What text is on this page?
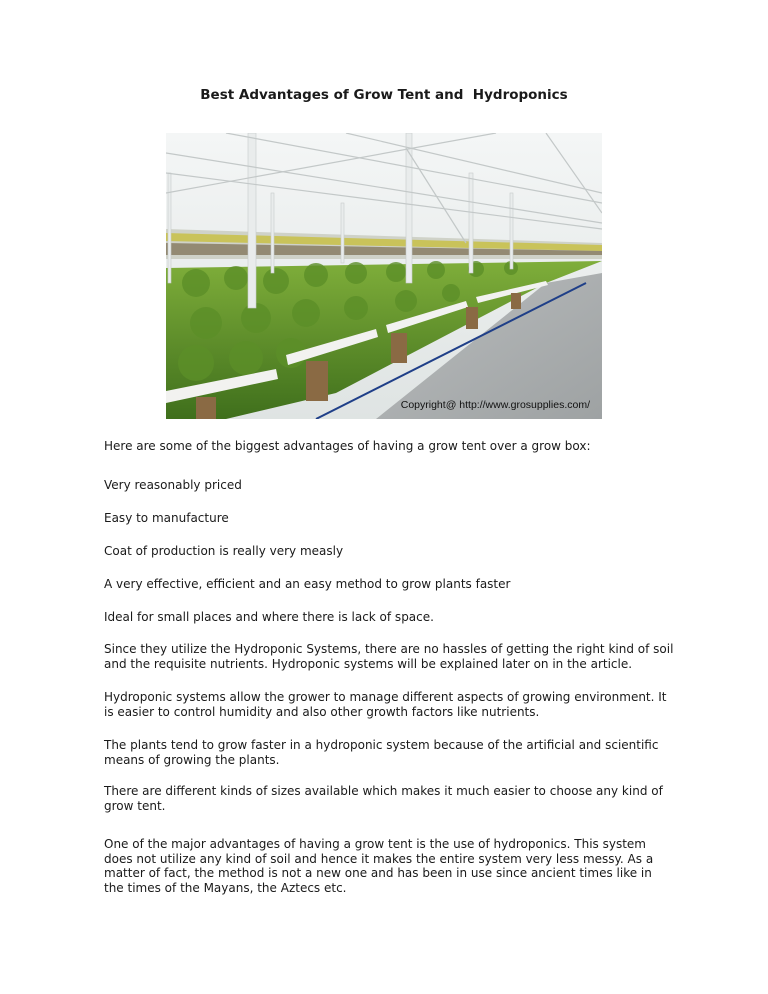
Best Advantages of Grow Tent and  Hydroponics
Copyright@ http://www.grosupplies.com/

Here are some of the biggest advantages of having a grow tent over a grow box:

Very reasonably priced

Easy to manufacture

Coat of production is really very measly

A very effective, efficient and an easy method to grow plants faster

Ideal for small places and where there is lack of space.

Since they utilize the Hydroponic Systems, there are no hassles of getting the right kind of soil and the requisite nutrients. Hydroponic systems will be explained later on in the article.

Hydroponic systems allow the grower to manage different aspects of growing environment. It is easier to control humidity and also other growth factors like nutrients.

The plants tend to grow faster in a hydroponic system because of the artificial and scientific means of growing the plants.

There are different kinds of sizes available which makes it much easier to choose any kind of grow tent.

One of the major advantages of having a grow tent is the use of hydroponics. This system does not utilize any kind of soil and hence it makes the entire system very less messy. As a matter of fact, the method is not a new one and has been in use since ancient times like in the times of the Mayans, the Aztecs etc.
